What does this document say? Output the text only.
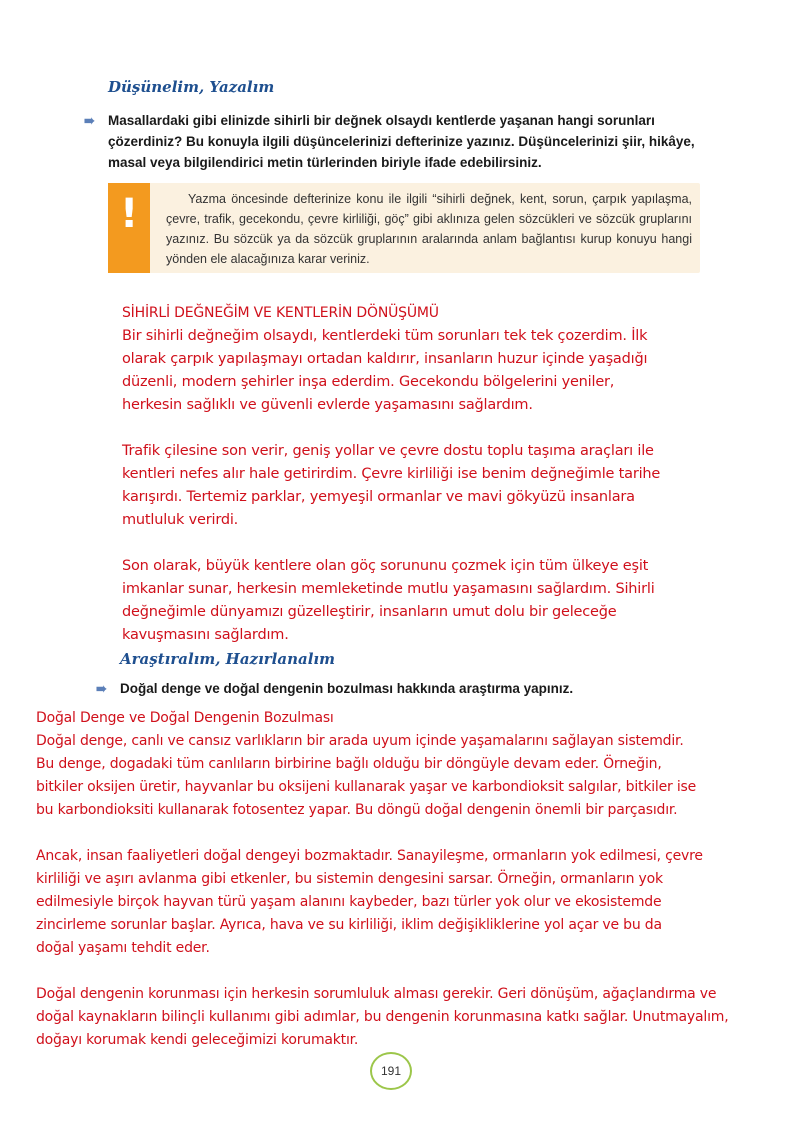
Düşünelim, Yazalım
➠ Masallardaki gibi elinizde sihirli bir değnek olsaydı kentlerde yaşanan hangi sorunları çözerdiniz? Bu konuyla ilgili düşüncelerinizi defterinize yazınız. Düşüncelerinizi şiir, hikâye, masal veya bilgilendirici metin türlerinden biriyle ifade edebilirsiniz.
!	Yazma öncesinde defterinize konu ile ilgili “sihirli değnek, kent, sorun, çarpık yapılaşma, çevre, trafik, gecekondu, çevre kirliliği, göç” gibi aklınıza gelen sözcükleri ve sözcük gruplarını yazınız. Bu sözcük ya da sözcük gruplarının aralarında anlam bağlantısı kurup konuyu hangi yönden ele alacağınıza karar veriniz.

SİHİRLİ DEĞNEĞİM VE KENTLERİN DÖNÜŞÜMÜ

Bir sihirli değneğim olsaydı, kentlerdeki tüm sorunları tek tek çozerdim. İlk
olarak çarpık yapılaşmayı ortadan kaldırır, insanların huzur içinde yaşadığı
düzenli, modern şehirler inşa ederdim. Gecekondu bölgelerini yeniler,
herkesin sağlıklı ve güvenli evlerde yaşamasını sağlardım.

Trafik çilesine son verir, geniş yollar ve çevre dostu toplu taşıma araçları ile
kentleri nefes alır hale getirirdim. Çevre kirliliği ise benim değneğimle tarihe
karışırdı. Tertemiz parklar, yemyeşil ormanlar ve mavi gökyüzü insanlara
mutluluk verirdi.

Son olarak, büyük kentlere olan göç sorununu çozmek için tüm ülkeye eşit
imkanlar sunar, herkesin memleketinde mutlu yaşamasını sağlardım. Sihirli
değneğimle dünyamızı güzelleştirir, insanların umut dolu bir geleceğe
kavuşmasını sağlardım.

Araştıralım, Hazırlanalım
➠ Doğal denge ve doğal dengenin bozulması hakkında araştırma yapınız.

Doğal Denge ve Doğal Dengenin Bozulması

Doğal denge, canlı ve cansız varlıkların bir arada uyum içinde yaşamalarını sağlayan sistemdir.
Bu denge, dogadaki tüm canlıların birbirine bağlı olduğu bir döngüyle devam eder. Örneğin,
bitkiler oksijen üretir, hayvanlar bu oksijeni kullanarak yaşar ve karbondioksit salgılar, bitkiler ise
bu karbondioksiti kullanarak fotosentez yapar. Bu döngü doğal dengenin önemli bir parçasıdır.

Ancak, insan faaliyetleri doğal dengeyi bozmaktadır. Sanayileşme, ormanların yok edilmesi, çevre
kirliliği ve aşırı avlanma gibi etkenler, bu sistemin dengesini sarsar. Örneğin, ormanların yok
edilmesiyle birçok hayvan türü yaşam alanını kaybeder, bazı türler yok olur ve ekosistemde
zincirleme sorunlar başlar. Ayrıca, hava ve su kirliliği, iklim değişikliklerine yol açar ve bu da
doğal yaşamı tehdit eder.

Doğal dengenin korunması için herkesin sorumluluk alması gerekir. Geri dönüşüm, ağaçlandırma ve
doğal kaynakların bilinçli kullanımı gibi adımlar, bu dengenin korunmasına katkı sağlar. Unutmayalım,
doğayı korumak kendi geleceğimizi korumaktır.

191
